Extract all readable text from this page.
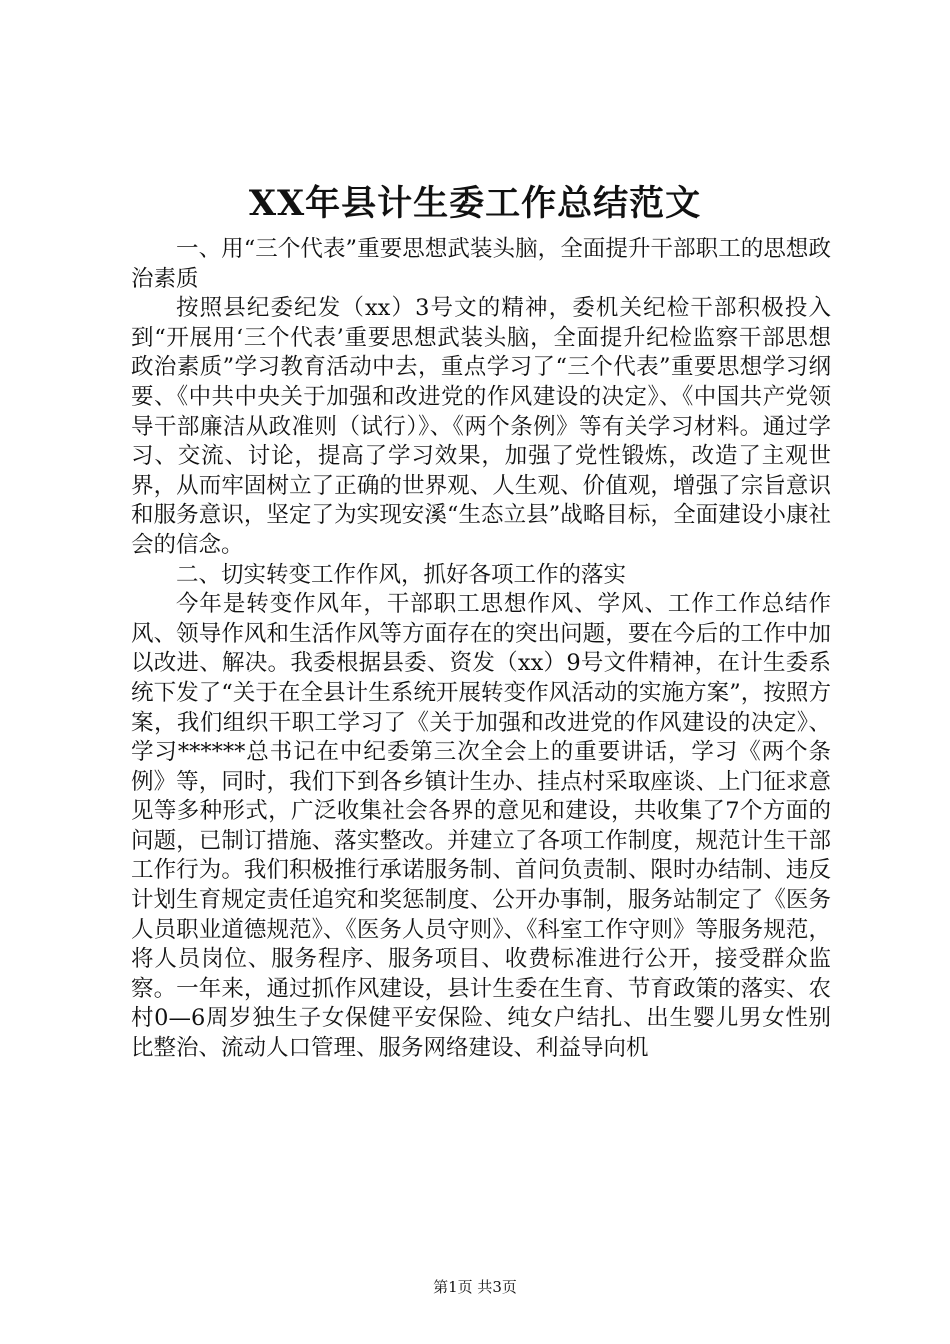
XX年县计生委工作总结范文

一、用“三个代表”重要思想武装头脑，全面提升干部职工的思想政治素质

按照县纪委纪发（xx）3号文的精神，委机关纪检干部积极投入到“开展用‘三个代表’重要思想武装头脑，全面提升纪检监察干部思想政治素质”学习教育活动中去，重点学习了“三个代表”重要思想学习纲要、《中共中央关于加强和改进党的作风建设的决定》、《中国共产党领导干部廉洁从政准则（试行）》、《两个条例》等有关学习材料。通过学习、交流、讨论，提高了学习效果，加强了党性锻炼，改造了主观世界，从而牢固树立了正确的世界观、人生观、价值观，增强了宗旨意识和服务意识，坚定了为实现安溪“生态立县”战略目标，全面建设小康社会的信念。

二、切实转变工作作风，抓好各项工作的落实

今年是转变作风年，干部职工思想作风、学风、工作工作总结作风、领导作风和生活作风等方面存在的突出问题，要在今后的工作中加以改进、解决。我委根据县委、资发（xx）9号文件精神，在计生委系统下发了“关于在全县计生系统开展转变作风活动的实施方案”，按照方案，我们组织干职工学习了《关于加强和改进党的作风建设的决定》、学习******总书记在中纪委第三次全会上的重要讲话，学习《两个条例》等，同时，我们下到各乡镇计生办、挂点村采取座谈、上门征求意见等多种形式，广泛收集社会各界的意见和建设，共收集了7个方面的问题，已制订措施、落实整改。并建立了各项工作制度，规范计生干部工作行为。我们积极推行承诺服务制、首问负责制、限时办结制、违反计划生育规定责任追究和奖惩制度、公开办事制，服务站制定了《医务人员职业道德规范》、《医务人员守则》、《科室工作守则》等服务规范，将人员岗位、服务程序、服务项目、收费标准进行公开，接受群众监察。一年来，通过抓作风建设，县计生委在生育、节育政策的落实、农村0—6周岁独生子女保健平安保险、纯女户结扎、出生婴儿男女性别比整治、流动人口管理、服务网络建设、利益导向机

第1页 共3页
